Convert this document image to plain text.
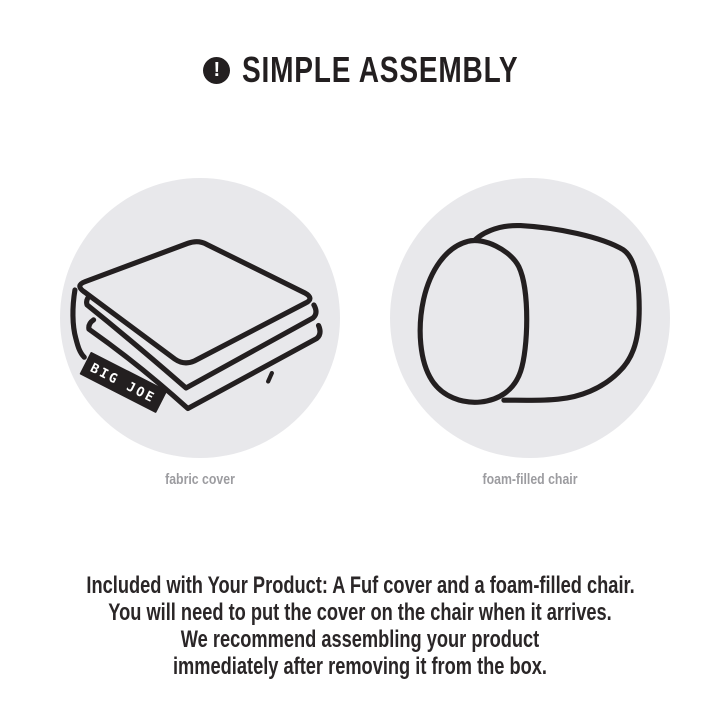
! SIMPLE ASSEMBLY
BIG JOE
fabric cover	foam-filled chair
Included with Your Product: A Fuf cover and a foam-filled chair.
You will need to put the cover on the chair when it arrives.
We recommend assembling your product
immediately after removing it from the box.
